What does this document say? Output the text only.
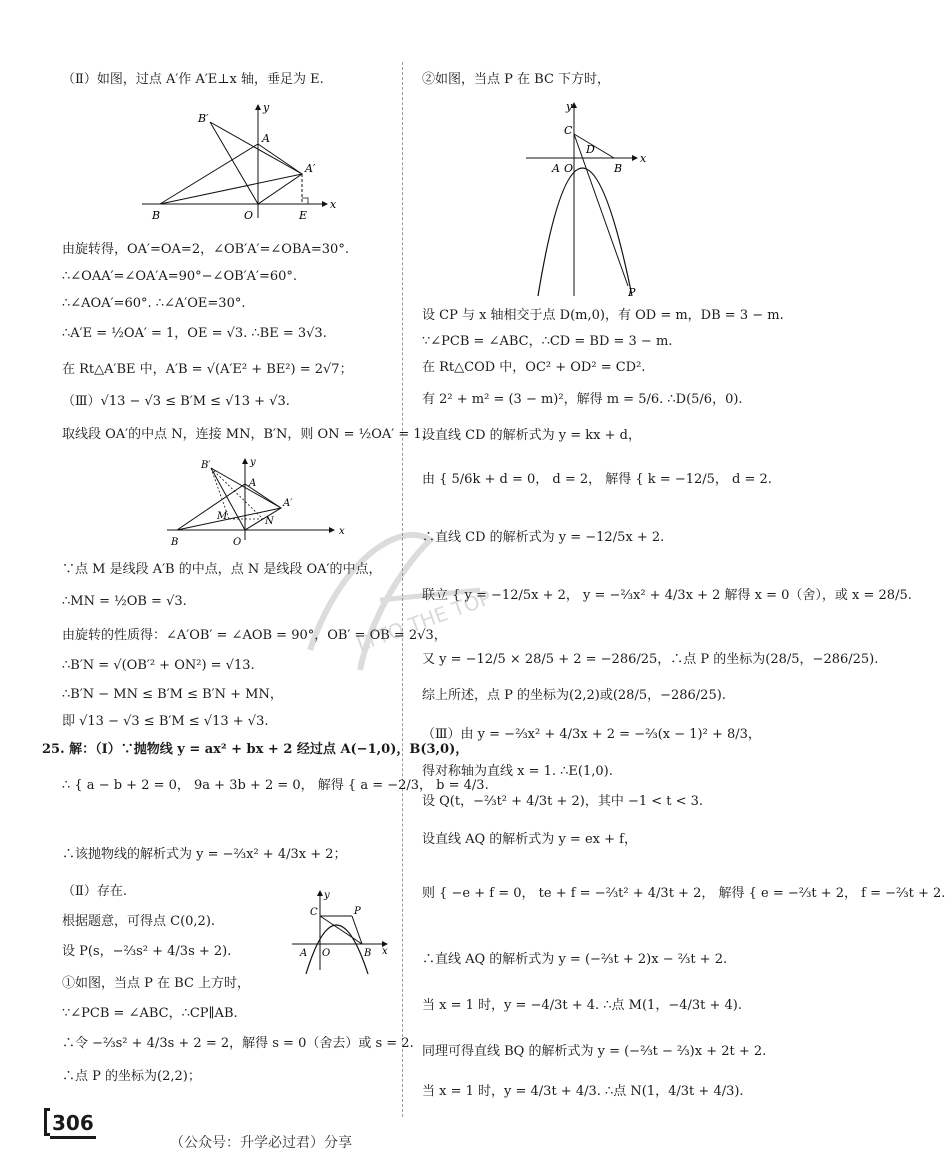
（Ⅱ）如图，过点 A′作 A′E⊥x 轴，垂足为 E.
B′
A
A′
B	O	E
x
y
由旋转得，OA′=OA=2，∠OB′A′=∠OBA=30°.
∴∠OAA′=∠OA′A=90°−∠OB′A′=60°.
∴∠AOA′=60°. ∴∠A′OE=30°.
∴A′E = ½OA′ = 1，OE = √3. ∴BE = 3√3.
在 Rt△A′BE 中，A′B = √(A′E² + BE²) = 2√7；
（Ⅲ）√13 − √3 ≤ B′M ≤ √13 + √3.
取线段 OA′的中点 N，连接 MN，B′N，则 ON = ½OA′ = 1，
B′
A
A′
M	N
B	O
x
y
∵点 M 是线段 A′B 的中点，点 N 是线段 OA′的中点，
∴MN = ½OB = √3.
由旋转的性质得：∠A′OB′ = ∠AOB = 90°，OB′ = OB = 2√3，
∴B′N = √(OB′² + ON²) = √13.
∴B′N − MN ≤ B′M ≤ B′N + MN，
即 √13 − √3 ≤ B′M ≤ √13 + √3.
25. 解：（Ⅰ）∵抛物线 y = ax² + bx + 2 经过点 A(−1,0)，B(3,0)，
∴ { a − b + 2 = 0， 9a + 3b + 2 = 0， 解得 { a = −2/3， b = 4/3.
∴该抛物线的解析式为 y = −⅔x² + 4/3x + 2；
（Ⅱ）存在.
根据题意，可得点 C(0,2).
设 P(s，−⅔s² + 4/3s + 2).
①如图，当点 P 在 BC 上方时，
∵∠PCB = ∠ABC，∴CP∥AB.
∴令 −⅔s² + 4/3s + 2 = 2，解得 s = 0（舍去）或 s = 2.
∴点 P 的坐标为(2,2)；
C	P
A O	B x
y
②如图，当点 P 在 BC 下方时，
C
D
A O	B
P
x
y
设 CP 与 x 轴相交于点 D(m,0)，有 OD = m，DB = 3 − m.
∵∠PCB = ∠ABC，∴CD = BD = 3 − m.
在 Rt△COD 中，OC² + OD² = CD².
有 2² + m² = (3 − m)²，解得 m = 5/6. ∴D(5/6，0).
设直线 CD 的解析式为 y = kx + d，
由 { 5/6k + d = 0， d = 2， 解得 { k = −12/5， d = 2.
∴直线 CD 的解析式为 y = −12/5x + 2.
联立 { y = −12/5x + 2， y = −⅔x² + 4/3x + 2 解得 x = 0（舍），或 x = 28/5.
又 y = −12/5 × 28/5 + 2 = −286/25，∴点 P 的坐标为(28/5，−286/25).
综上所述，点 P 的坐标为(2,2)或(28/5，−286/25).
（Ⅲ）由 y = −⅔x² + 4/3x + 2 = −⅔(x − 1)² + 8/3，
得对称轴为直线 x = 1. ∴E(1,0).
设 Q(t，−⅔t² + 4/3t + 2)，其中 −1 < t < 3.
设直线 AQ 的解析式为 y = ex + f，
则 { −e + f = 0， te + f = −⅔t² + 4/3t + 2， 解得 { e = −⅔t + 2， f = −⅔t + 2.
∴直线 AQ 的解析式为 y = (−⅔t + 2)x − ⅔t + 2.
当 x = 1 时，y = −4/3t + 4. ∴点 M(1，−4/3t + 4).
同理可得直线 BQ 的解析式为 y = (−⅔t − ⅔)x + 2t + 2.
当 x = 1 时，y = 4/3t + 4/3. ∴点 N(1，4/3t + 4/3).
LYTO THE TOP
306
（公众号：升学必过君）分享
